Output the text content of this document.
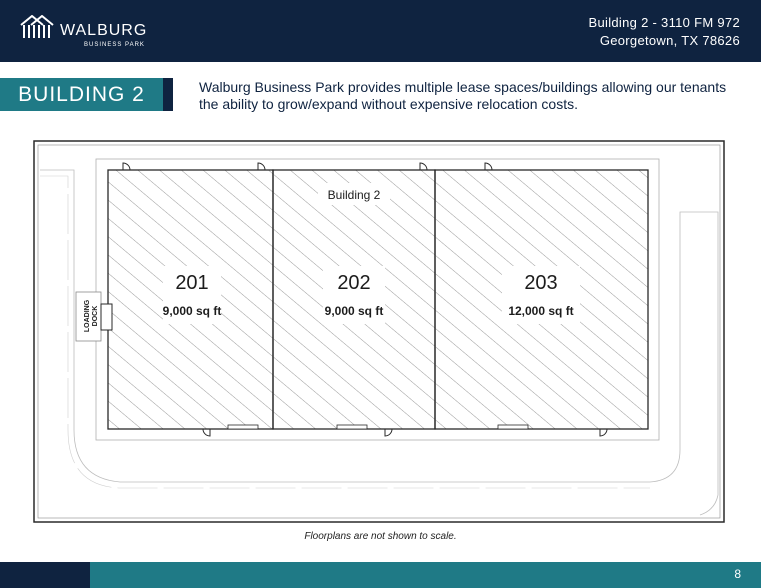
WALBURG
BUSINESS PARK
Building 2 - 3110 FM 972
Georgetown, TX 78626
BUILDING 2	Walburg Business Park provides multiple lease spaces/buildings allowing our tenants the ability to grow/expand without expensive relocation costs.
Building 2
201
9,000 sq ft
202
9,000 sq ft
203
12,000 sq ft
LOADING DOCK
Floorplans are not shown to scale.
8
